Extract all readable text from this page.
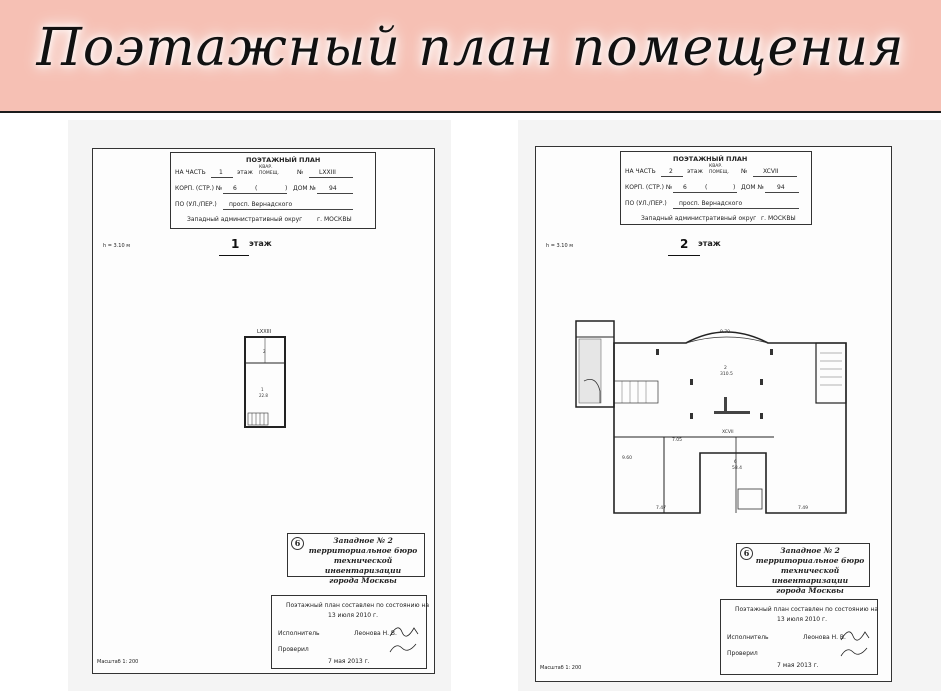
Поэтажный план помещения
ПОЭТАЖНЫЙ ПЛАН
НА ЧАСТЬ 1 этаж
КВАР.
ПОМЕЩ.	№	LXXIII
КОРП. (СТР.) № 6	(	) ДОМ № 94
ПО (УЛ./ПЕР.) просп. Вернадского
Западный административный округ г. МОСКВЫ
h = 3.10 м	1 этаж
LXXIII
2
1
22.8
6	Западное № 2
территориальное бюро
технической инвентаризации
города Москвы
Поэтажный план составлен по состоянию на
13 июля 2010 г.
Исполнитель	Леонова Н. В.
Проверил
7 мая 2013 г.
Масштаб 1: 200
ПОЭТАЖНЫЙ ПЛАН
НА ЧАСТЬ 2 этаж
КВАР.
ПОМЕЩ. №	XCVII
КОРП. (СТР.) № 6	(	) ДОМ № 94
ПО (УЛ./ПЕР.) просп. Вернадского
Западный административный округ г. МОСКВЫ
h = 3.10 м	2 этаж
2
310.5
6
58.4
9.60
7.05
XCVII
7.47	7.49
9.70
6	Западное № 2
территориальное бюро
технической инвентаризации
города Москвы
Поэтажный план составлен по состоянию на
13 июля 2010 г.
Исполнитель	Леонова Н. В.
Проверил
7 мая 2013 г.
Масштаб 1: 200
